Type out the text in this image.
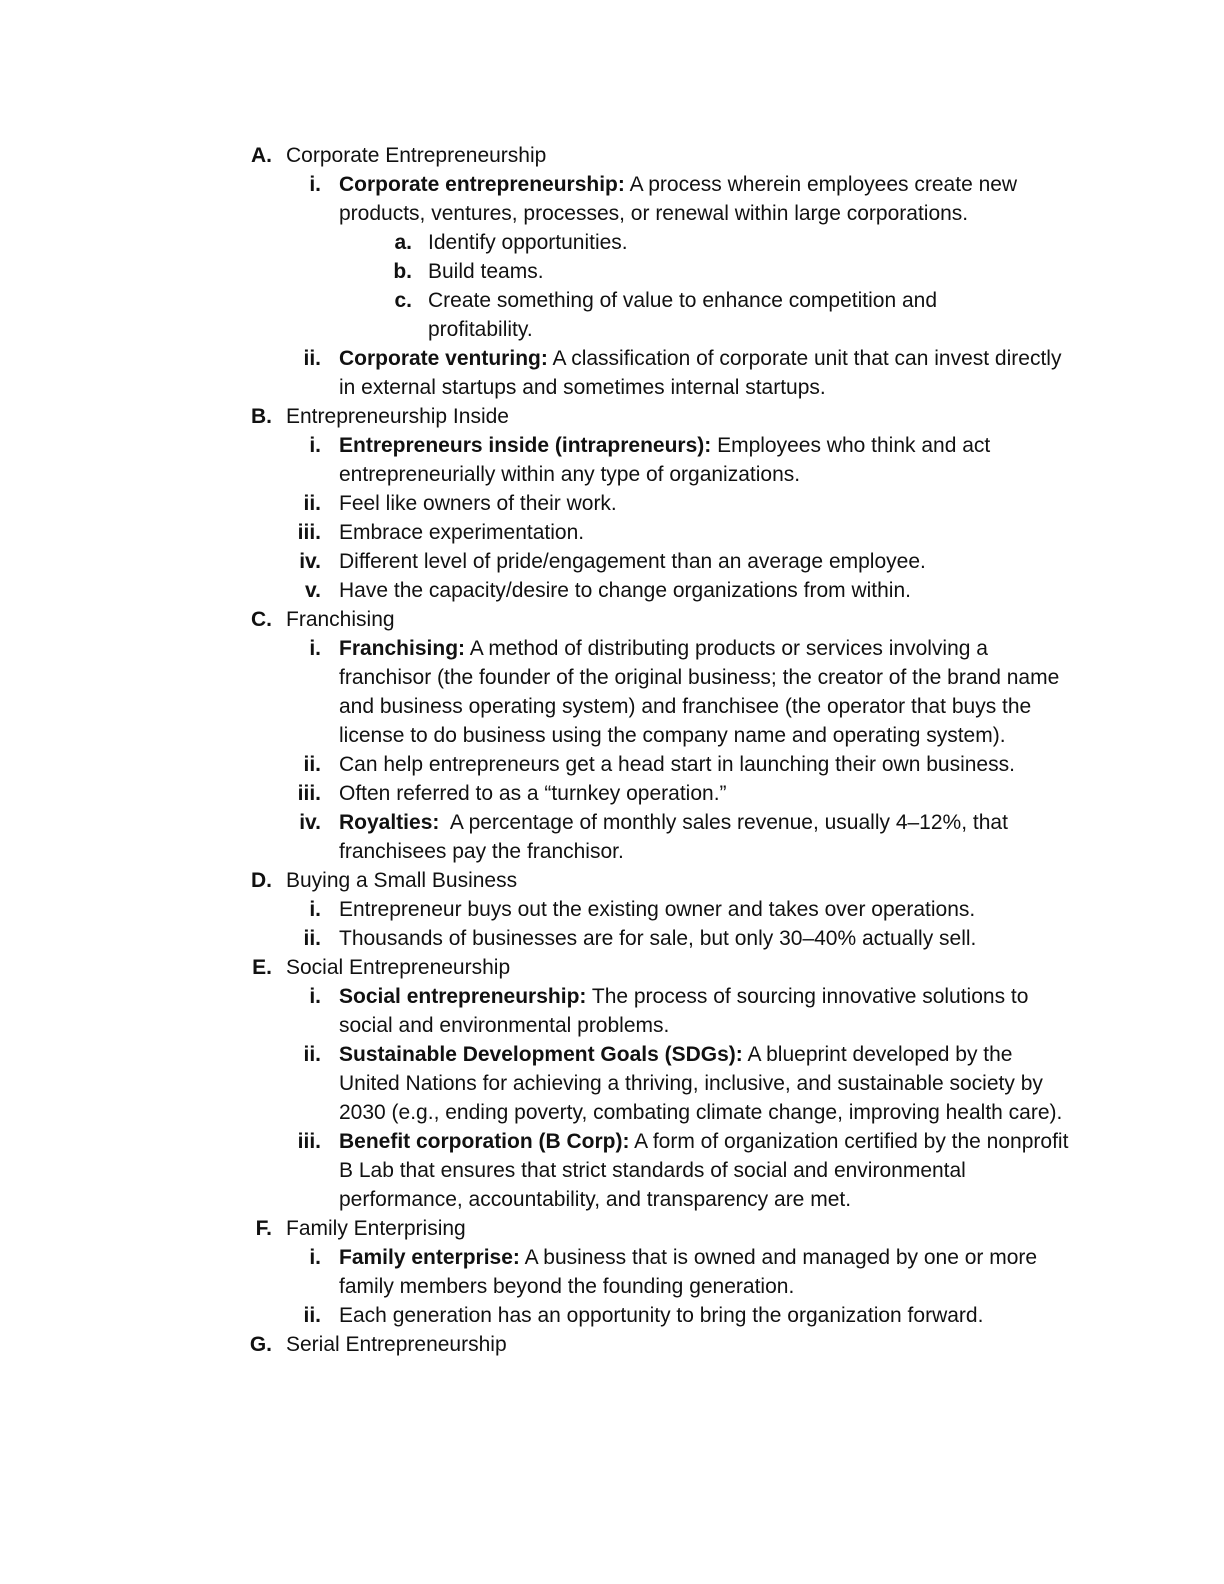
A. Corporate Entrepreneurship
i. Corporate entrepreneurship: A process wherein employees create new products, ventures, processes, or renewal within large corporations.
a. Identify opportunities.
b. Build teams.
c. Create something of value to enhance competition and profitability.
ii. Corporate venturing: A classification of corporate unit that can invest directly in external startups and sometimes internal startups.
B. Entrepreneurship Inside
i. Entrepreneurs inside (intrapreneurs): Employees who think and act entrepreneurially within any type of organizations.
ii. Feel like owners of their work.
iii. Embrace experimentation.
iv. Different level of pride/engagement than an average employee.
v. Have the capacity/desire to change organizations from within.
C. Franchising
i. Franchising: A method of distributing products or services involving a franchisor (the founder of the original business; the creator of the brand name and business operating system) and franchisee (the operator that buys the license to do business using the company name and operating system).
ii. Can help entrepreneurs get a head start in launching their own business.
iii. Often referred to as a “turnkey operation.”
iv. Royalties:  A percentage of monthly sales revenue, usually 4–12%, that franchisees pay the franchisor.
D. Buying a Small Business
i. Entrepreneur buys out the existing owner and takes over operations.
ii. Thousands of businesses are for sale, but only 30–40% actually sell.
E. Social Entrepreneurship
i. Social entrepreneurship: The process of sourcing innovative solutions to social and environmental problems.
ii. Sustainable Development Goals (SDGs): A blueprint developed by the United Nations for achieving a thriving, inclusive, and sustainable society by 2030 (e.g., ending poverty, combating climate change, improving health care).
iii. Benefit corporation (B Corp): A form of organization certified by the nonprofit B Lab that ensures that strict standards of social and environmental performance, accountability, and transparency are met.
F. Family Enterprising
i. Family enterprise: A business that is owned and managed by one or more family members beyond the founding generation.
ii. Each generation has an opportunity to bring the organization forward.
G. Serial Entrepreneurship
